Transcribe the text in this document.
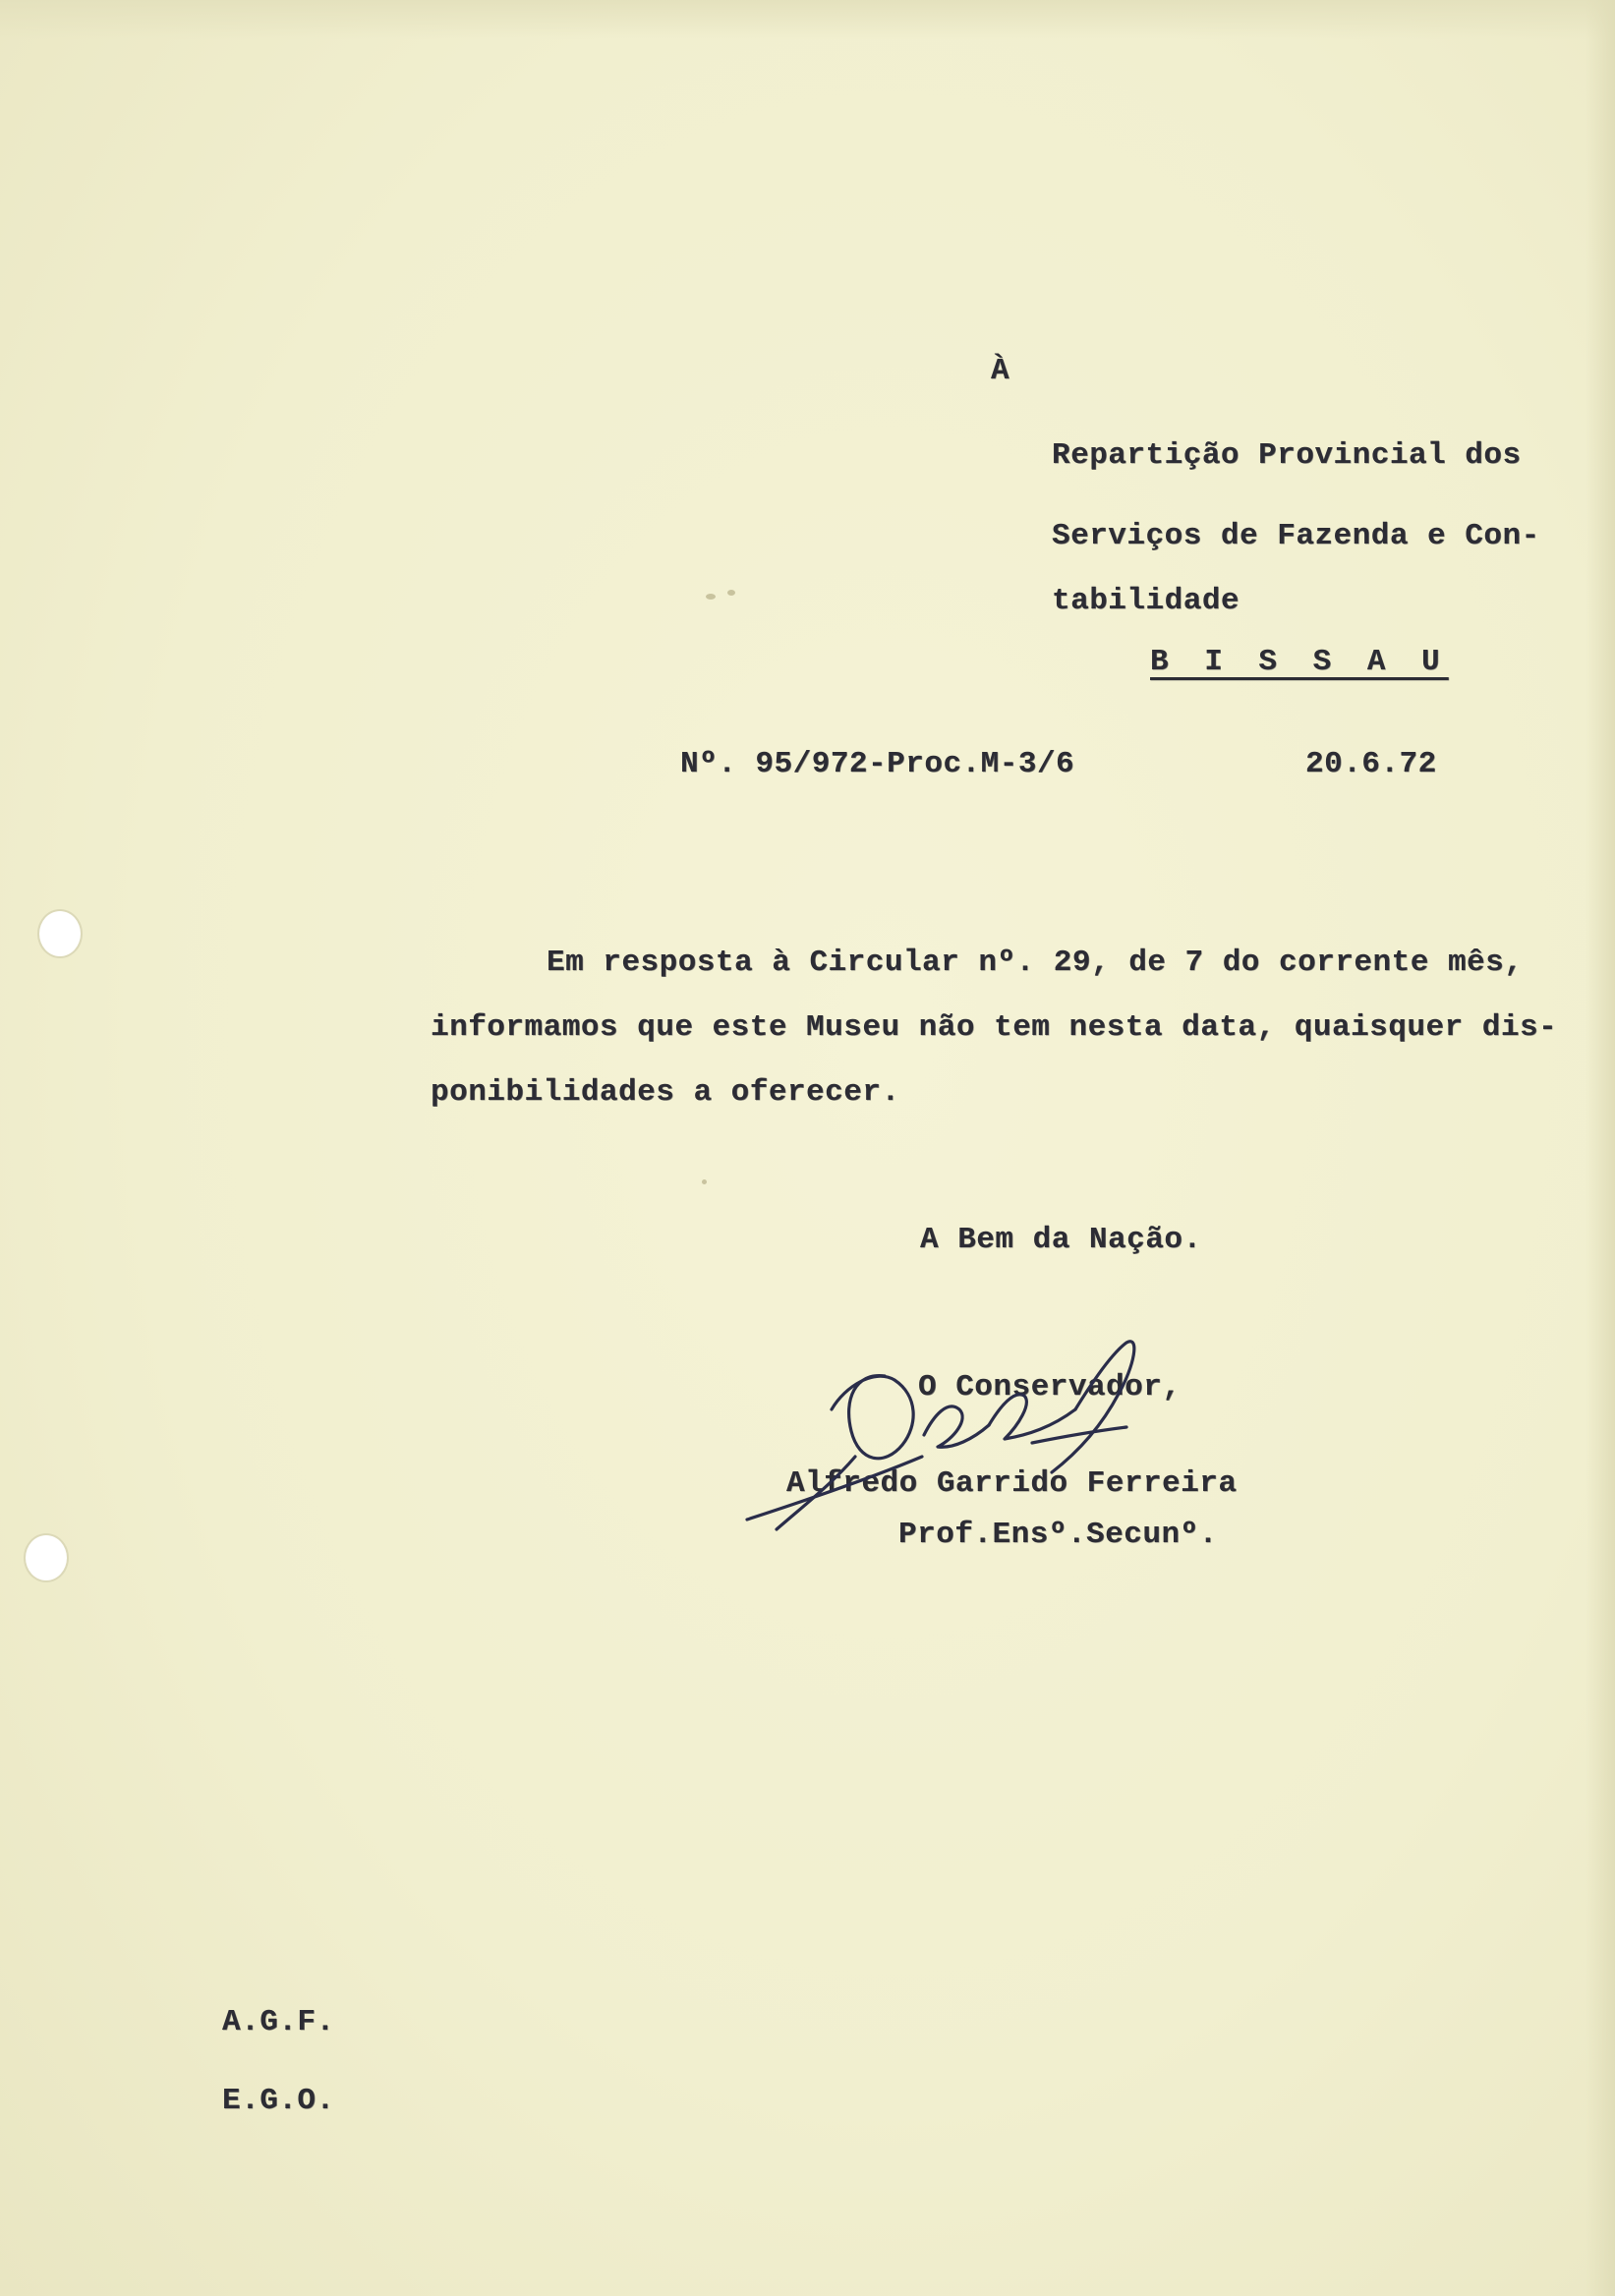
À
Repartição Provincial dos
Serviços de Fazenda e Con-
tabilidade
B I S S A U
Nº. 95/972-Proc.M-3/6	20.6.72
Em resposta à Circular nº. 29, de 7 do corrente mês,
informamos que este Museu não tem nesta data, quaisquer dis-
ponibilidades a oferecer.
A Bem da Nação.
O Conservador,
Alfredo Garrido Ferreira
Prof.Ensº.Secunº.
A.G.F.
E.G.O.
